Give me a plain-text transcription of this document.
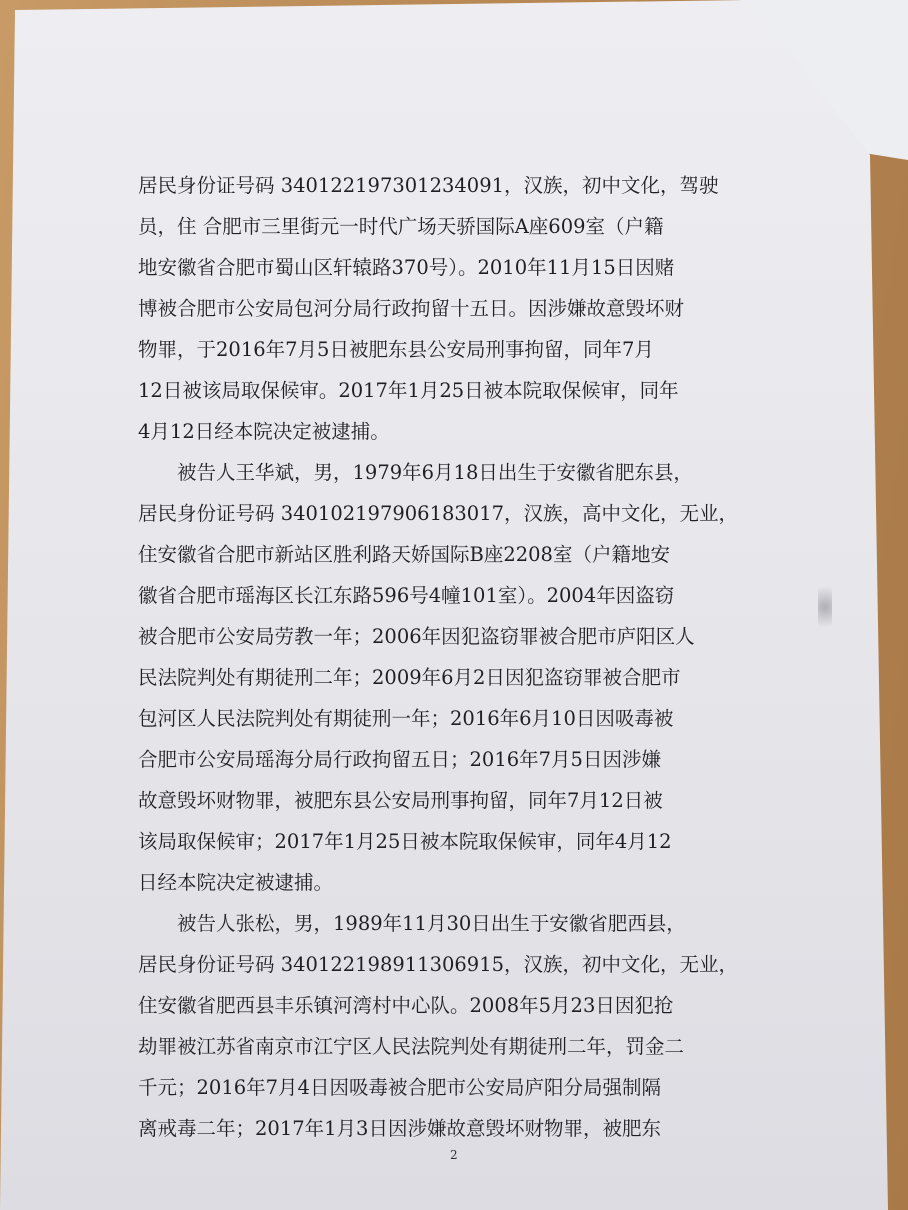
居民身份证号码 340122197301234091，汉族，初中文化，驾驶

员，住 合肥市三里街元一时代广场天骄国际A座609室（户籍

地安徽省合肥市蜀山区轩辕路370号）。2010年11月15日因赌

博被合肥市公安局包河分局行政拘留十五日。因涉嫌故意毁坏财

物罪，于2016年7月5日被肥东县公安局刑事拘留，同年7月

12日被该局取保候审。2017年1月25日被本院取保候审，同年

4月12日经本院决定被逮捕。

被告人王华斌，男，1979年6月18日出生于安徽省肥东县，

居民身份证号码 340102197906183017，汉族，高中文化，无业，

住安徽省合肥市新站区胜利路天娇国际B座2208室（户籍地安

徽省合肥市瑶海区长江东路596号4幢101室）。2004年因盗窃

被合肥市公安局劳教一年；2006年因犯盗窃罪被合肥市庐阳区人

民法院判处有期徒刑二年；2009年6月2日因犯盗窃罪被合肥市

包河区人民法院判处有期徒刑一年；2016年6月10日因吸毒被

合肥市公安局瑶海分局行政拘留五日；2016年7月5日因涉嫌

故意毁坏财物罪，被肥东县公安局刑事拘留，同年7月12日被

该局取保候审；2017年1月25日被本院取保候审，同年4月12

日经本院决定被逮捕。

被告人张松，男，1989年11月30日出生于安徽省肥西县，

居民身份证号码 340122198911306915，汉族，初中文化，无业，

住安徽省肥西县丰乐镇河湾村中心队。2008年5月23日因犯抢

劫罪被江苏省南京市江宁区人民法院判处有期徒刑二年，罚金二

千元；2016年7月4日因吸毒被合肥市公安局庐阳分局强制隔

离戒毒二年；2017年1月3日因涉嫌故意毁坏财物罪，被肥东

2
